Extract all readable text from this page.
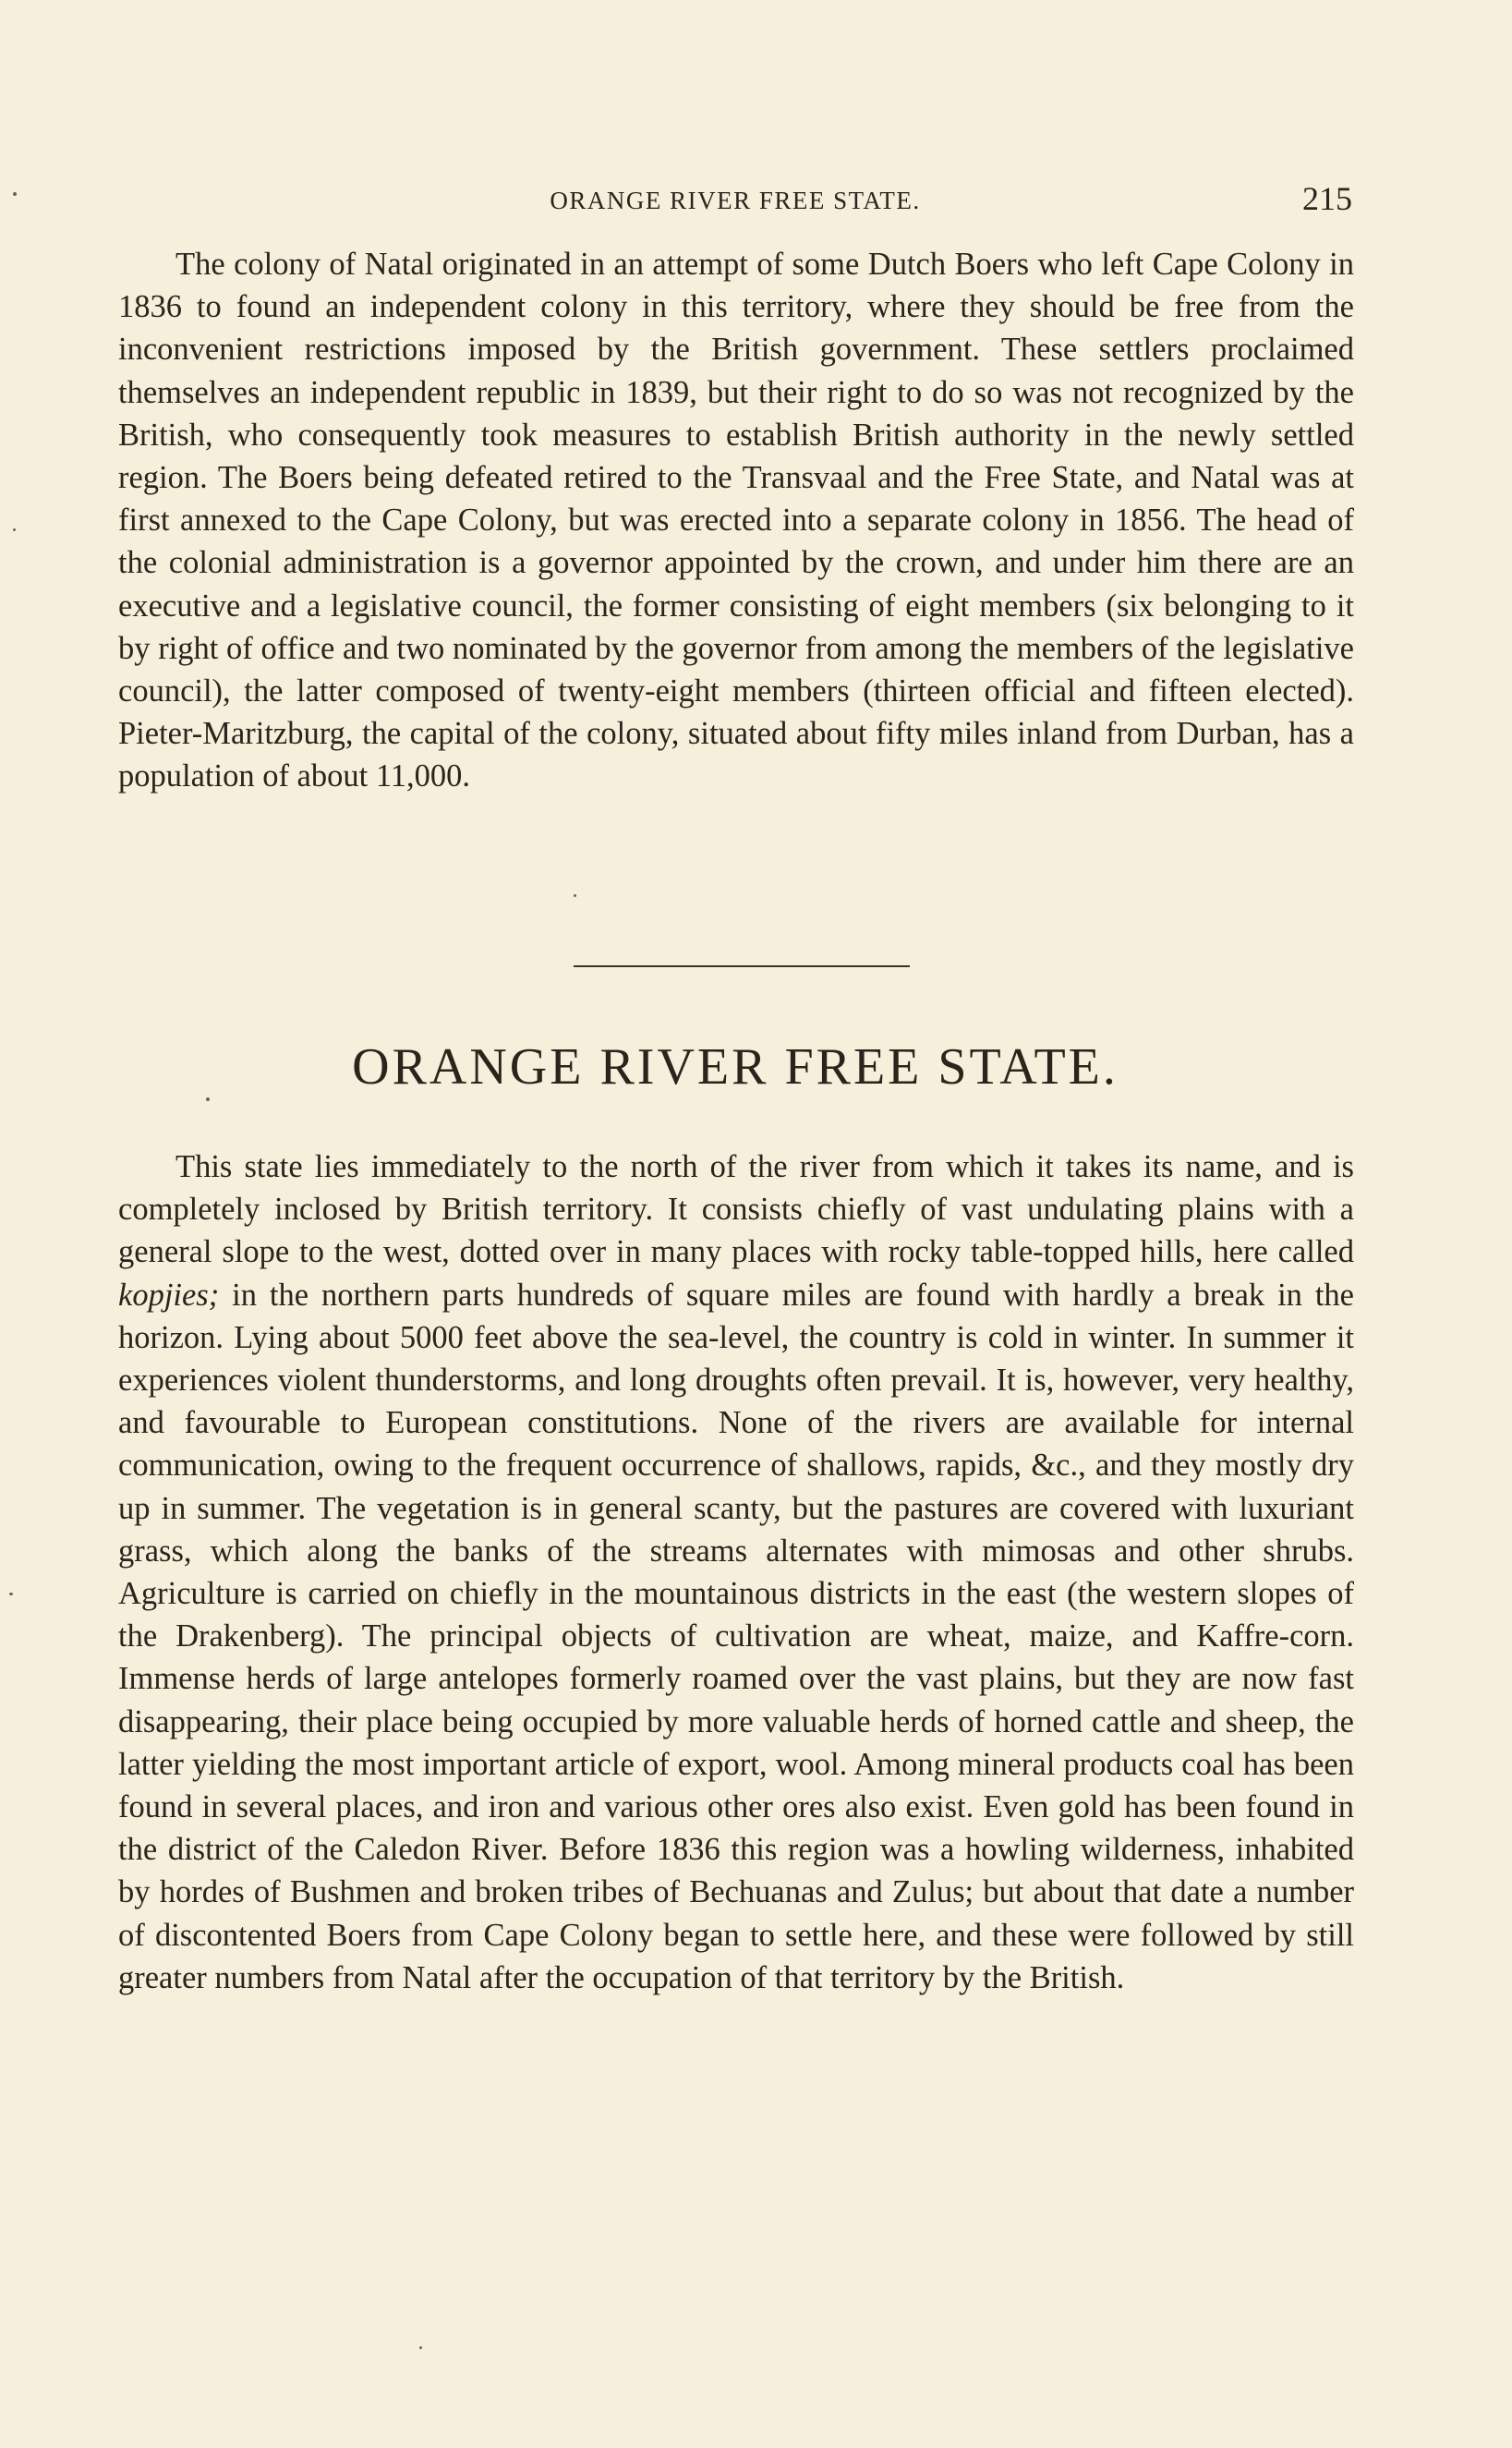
ORANGE RIVER FREE STATE.	215

The colony of Natal originated in an attempt of some Dutch Boers who left Cape Colony in 1836 to found an independent colony in this territory, where they should be free from the inconvenient restrictions imposed by the British government. These settlers proclaimed themselves an independent republic in 1839, but their right to do so was not recognized by the British, who consequently took measures to establish British authority in the newly settled region. The Boers being defeated retired to the Transvaal and the Free State, and Natal was at first annexed to the Cape Colony, but was erected into a separate colony in 1856. The head of the colonial administration is a governor appointed by the crown, and under him there are an executive and a legislative council, the former consisting of eight members (six belonging to it by right of office and two nominated by the governor from among the members of the legislative council), the latter composed of twenty-eight members (thirteen official and fifteen elected). Pieter-Maritzburg, the capital of the colony, situated about fifty miles inland from Durban, has a population of about 11,000.

ORANGE RIVER FREE STATE.

This state lies immediately to the north of the river from which it takes its name, and is completely inclosed by British territory. It consists chiefly of vast undulating plains with a general slope to the west, dotted over in many places with rocky table-topped hills, here called kopjies; in the northern parts hundreds of square miles are found with hardly a break in the horizon. Lying about 5000 feet above the sea-level, the country is cold in winter. In summer it experiences violent thunderstorms, and long droughts often prevail. It is, however, very healthy, and favourable to European constitutions. None of the rivers are available for internal communication, owing to the frequent occurrence of shallows, rapids, &c., and they mostly dry up in summer. The vegetation is in general scanty, but the pastures are covered with luxuriant grass, which along the banks of the streams alternates with mimosas and other shrubs. Agriculture is carried on chiefly in the mountainous districts in the east (the western slopes of the Drakenberg). The principal objects of cultivation are wheat, maize, and Kaffre-corn. Immense herds of large antelopes formerly roamed over the vast plains, but they are now fast disappearing, their place being occupied by more valuable herds of horned cattle and sheep, the latter yielding the most important article of export, wool. Among mineral products coal has been found in several places, and iron and various other ores also exist. Even gold has been found in the district of the Caledon River. Before 1836 this region was a howling wilderness, inhabited by hordes of Bushmen and broken tribes of Bechuanas and Zulus; but about that date a number of discontented Boers from Cape Colony began to settle here, and these were followed by still greater numbers from Natal after the occupation of that territory by the British.
